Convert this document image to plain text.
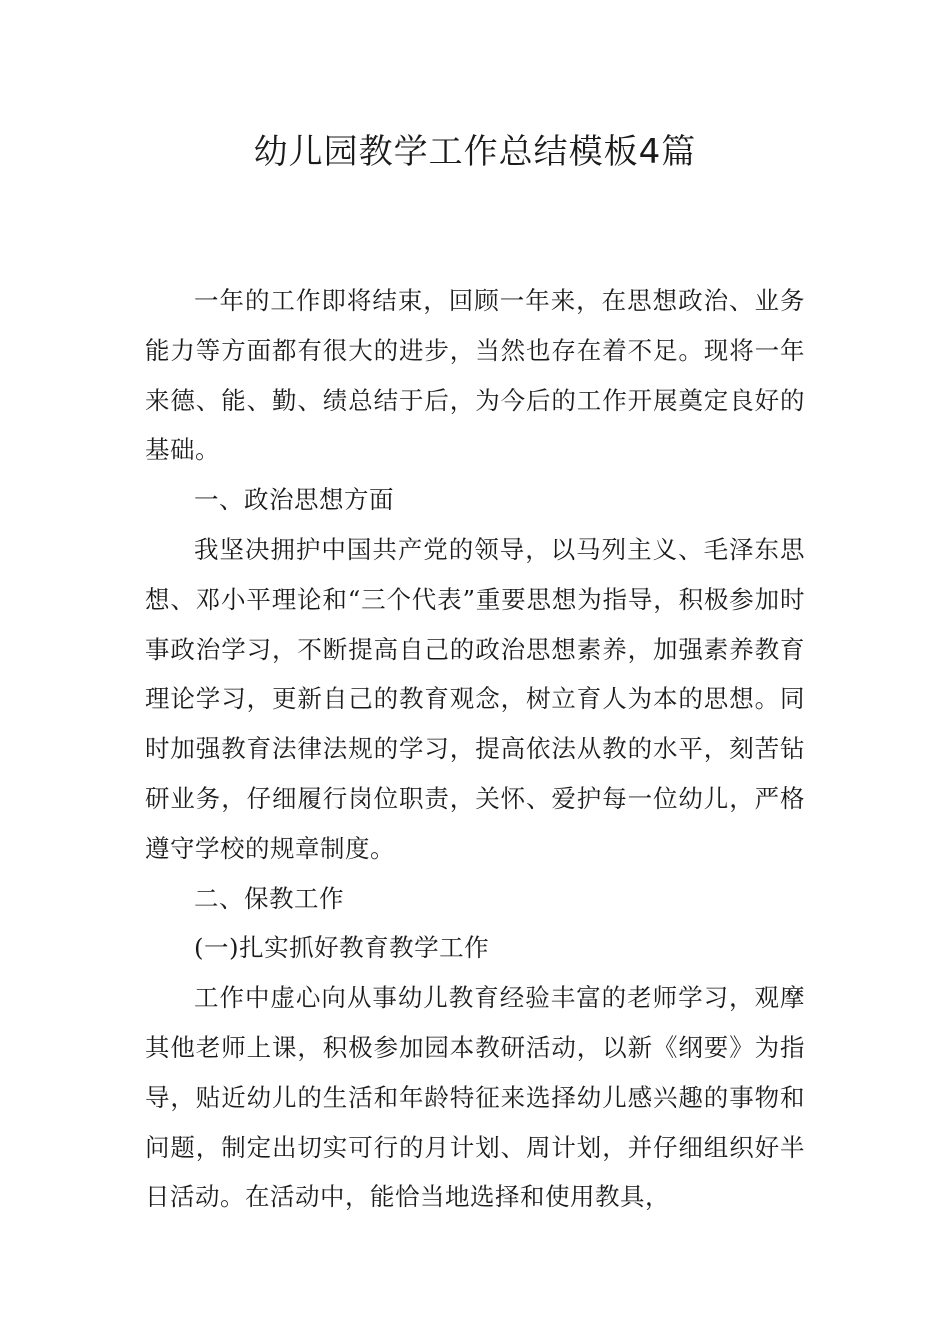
幼儿园教学工作总结模板4篇

一年的工作即将结束，回顾一年来，在思想政治、业务能力等方面都有很大的进步，当然也存在着不足。现将一年来德、能、勤、绩总结于后，为今后的工作开展奠定良好的基础。

一、政治思想方面

我坚决拥护中国共产党的领导，以马列主义、毛泽东思想、邓小平理论和“三个代表”重要思想为指导，积极参加时事政治学习，不断提高自己的政治思想素养，加强素养教育理论学习，更新自己的教育观念，树立育人为本的思想。同时加强教育法律法规的学习，提高依法从教的水平，刻苦钻研业务，仔细履行岗位职责，关怀、爱护每一位幼儿，严格遵守学校的规章制度。

二、保教工作

(一)扎实抓好教育教学工作

工作中虚心向从事幼儿教育经验丰富的老师学习，观摩其他老师上课，积极参加园本教研活动，以新《纲要》为指导，贴近幼儿的生活和年龄特征来选择幼儿感兴趣的事物和问题，制定出切实可行的月计划、周计划，并仔细组织好半日活动。在活动中，能恰当地选择和使用教具，
